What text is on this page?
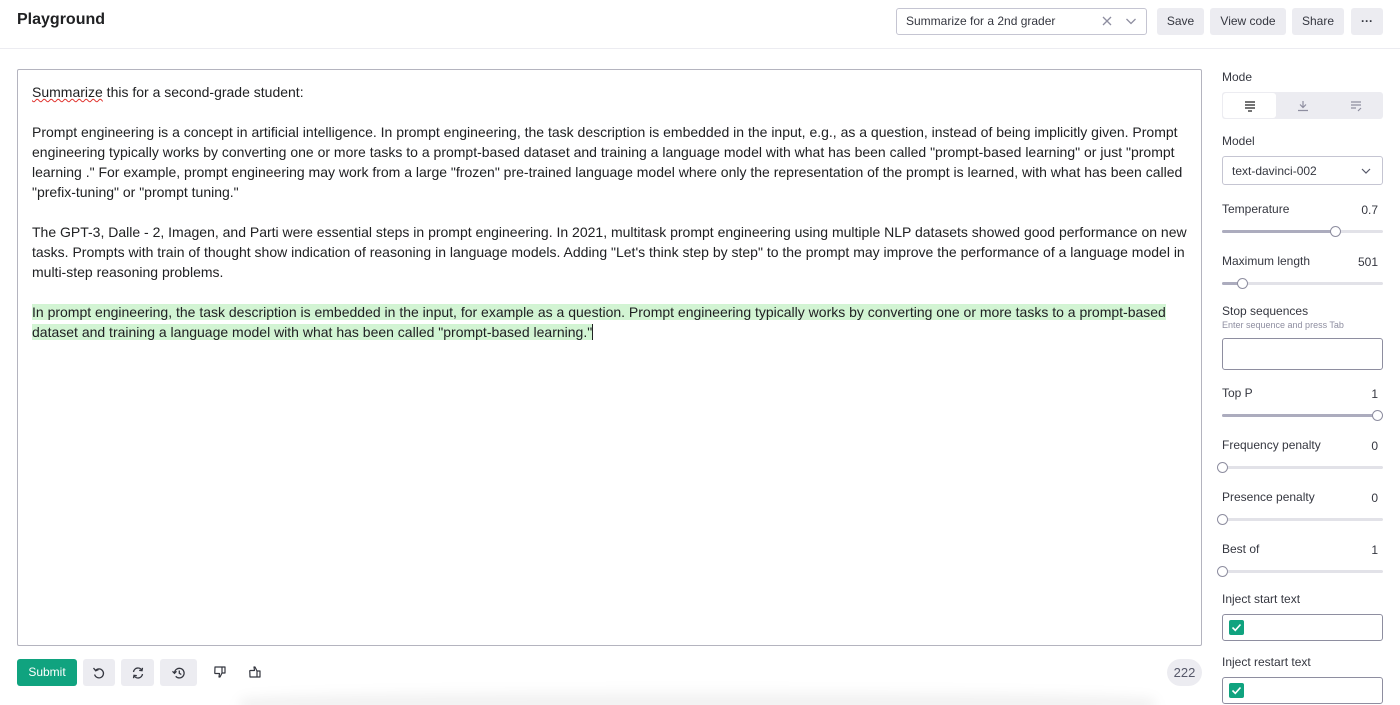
Playground	Summarize for a 2nd grader	Save	View code	Share	···

Summarize this for a second-grade student:

Prompt engineering is a concept in artificial intelligence. In prompt engineering, the task description is embedded in the input, e.g., as a question, instead of being implicitly given. Prompt engineering typically works by converting one or more tasks to a prompt-based dataset and training a language model with what has been called "prompt-based learning" or just "prompt learning ." For example, prompt engineering may work from a large "frozen" pre-trained language model where only the representation of the prompt is learned, with what has been called "prefix-tuning" or "prompt tuning."

The GPT-3, Dalle - 2, Imagen, and Parti were essential steps in prompt engineering. In 2021, multitask prompt engineering using multiple NLP datasets showed good performance on new tasks. Prompts with train of thought show indication of reasoning in language models. Adding "Let's think step by step" to the prompt may improve the performance of a language model in multi-step reasoning problems.

In prompt engineering, the task description is embedded in the input, for example as a question. Prompt engineering typically works by converting one or more tasks to a prompt-based dataset and training a language model with what has been called "prompt-based learning."

Submit	222
Mode
Model
text-davinci-002
Temperature	0.7
Maximum length	501
Stop sequences
Enter sequence and press Tab
Top P	1
Frequency penalty	0
Presence penalty	0
Best of	1
Inject start text
Inject restart text
